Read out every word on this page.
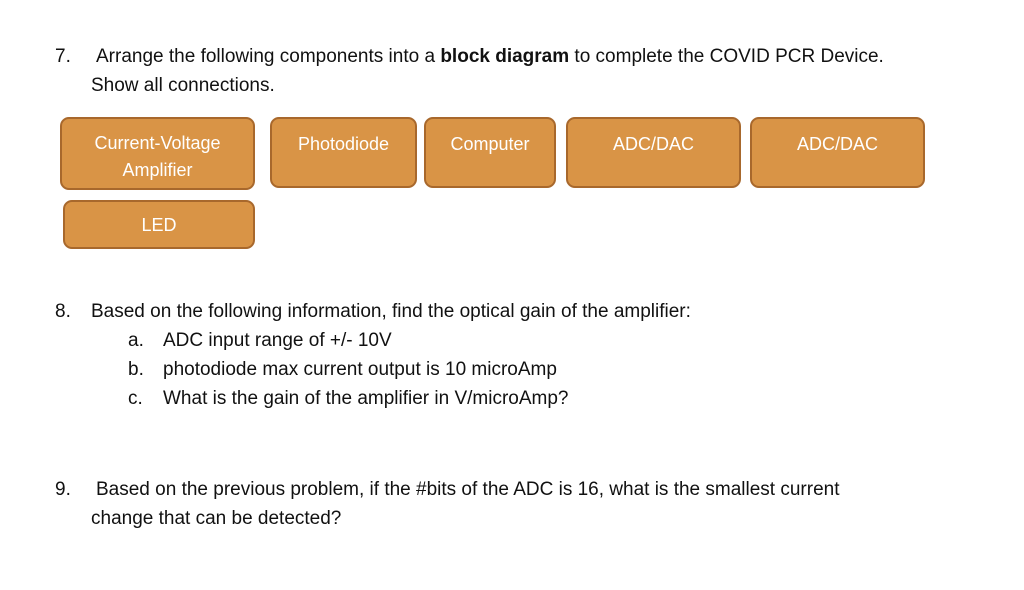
7. Arrange the following components into a block diagram to complete the COVID PCR Device.
Show all connections.
Current-Voltage
Amplifier
Photodiode	Computer	ADC/DAC	ADC/DAC
LED
8. Based on the following information, find the optical gain of the amplifier:
a. ADC input range of +/- 10V
b. photodiode max current output is 10 microAmp
c. What is the gain of the amplifier in V/microAmp?
9. Based on the previous problem, if the #bits of the ADC is 16, what is the smallest current
change that can be detected?
